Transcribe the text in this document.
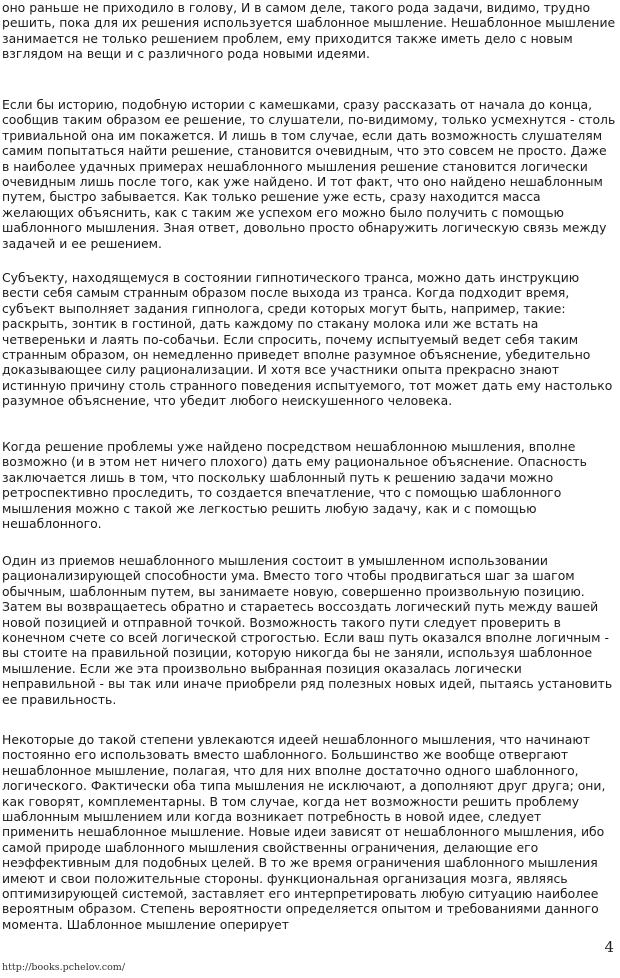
оно раньше не приходило в голову, И в самом деле, такого рода задачи, видимо, трудно решить, пока для их решения используется шаблонное мышление. Нешаблонное мышление занимается не только решением проблем, ему приходится также иметь дело с новым взглядом на вещи и с различного рода новыми идеями.

Если бы историю, подобную истории с камешками, сразу рассказать от начала до конца, сообщив таким образом ее решение, то слушатели, по-видимому, только усмехнутся - столь тривиальной она им покажется. И лишь в том случае, если дать возможность слушателям самим попытаться найти решение, становится очевидным, что это совсем не просто. Даже в наиболее удачных примерах нешаблонного мышления решение становится логически очевидным лишь после того, как уже найдено. И тот факт, что оно найдено нешаблонным путем, быстро забывается. Как только решение уже есть, сразу находится масса желающих объяснить, как с таким же успехом его можно было получить с помощью шаблонного мышления. Зная ответ, довольно просто обнаружить логическую связь между задачей и ее решением.

Субъекту, находящемуся в состоянии гипнотического транса, можно дать инструкцию вести себя самым странным образом после выхода из транса. Когда подходит время, субъект выполняет задания гипнолога, среди которых могут быть, например, такие: раскрыть, зонтик в гостиной, дать каждому по стакану молока или же встать на четвереньки и лаять по-собачьи. Если спросить, почему испытуемый ведет себя таким странным образом, он немедленно приведет вполне разумное объяснение, убедительно доказывающее силу рационализации. И хотя все участники опыта прекрасно знают истинную причину столь странного поведения испытуемого, тот может дать ему настолько разумное объяснение, что убедит любого неискушенного человека.

Когда решение проблемы уже найдено посредством нешаблонною мышления, вполне возможно (и в этом нет ничего плохого) дать ему рациональное объяснение. Опасность заключается лишь в том, что поскольку шаблонный путь к решению задачи можно ретроспективно проследить, то создается впечатление, что с помощью шаблонного мышления можно с такой же легкостью решить любую задачу, как и с помощью нешаблонного.

Один из приемов нешаблонного мышления состоит в умышленном использовании рационализирующей способности ума. Вместо того чтобы продвигаться шаг за шагом обычным, шаблонным путем, вы занимаете новую, совершенно произвольную позицию. Затем вы возвращаетесь обратно и стараетесь воссоздать логический путь между вашей новой позицией и отправной точкой. Возможность такого пути следует проверить в конечном счете со всей логической строгостью. Если ваш путь оказался вполне логичным - вы стоите на правильной позиции, которую никогда бы не заняли, используя шаблонное мышление. Если же эта произвольно выбранная позиция оказалась логически неправильной - вы так или иначе приобрели ряд полезных новых идей, пытаясь установить ее правильность.

Некоторые до такой степени увлекаются идеей нешаблонного мышления, что начинают постоянно его использовать вместо шаблонного. Большинство же вообще отвергают нешаблонное мышление, полагая, что для них вполне достаточно одного шаблонного, логического. Фактически оба типа мышления не исключают, а дополняют друг друга; они, как говорят, комплементарны. В том случае, когда нет возможности решить проблему шаблонным мышлением или когда возникает потребность в новой идее, следует применить нешаблонное мышление. Новые идеи зависят от нешаблонного мышления, ибо самой природе шаблонного мышления свойственны ограничения, делающие его неэффективным для подобных целей. В то же время ограничения шаблонного мышления имеют и свои положительные стороны. функциональная организация мозга, являясь оптимизирующей системой, заставляет его интерпретировать любую ситуацию наиболее вероятным образом. Степень вероятности определяется опытом и требованиями данного момента. Шаблонное мышление оперирует

4
http://books.pchelov.com/
